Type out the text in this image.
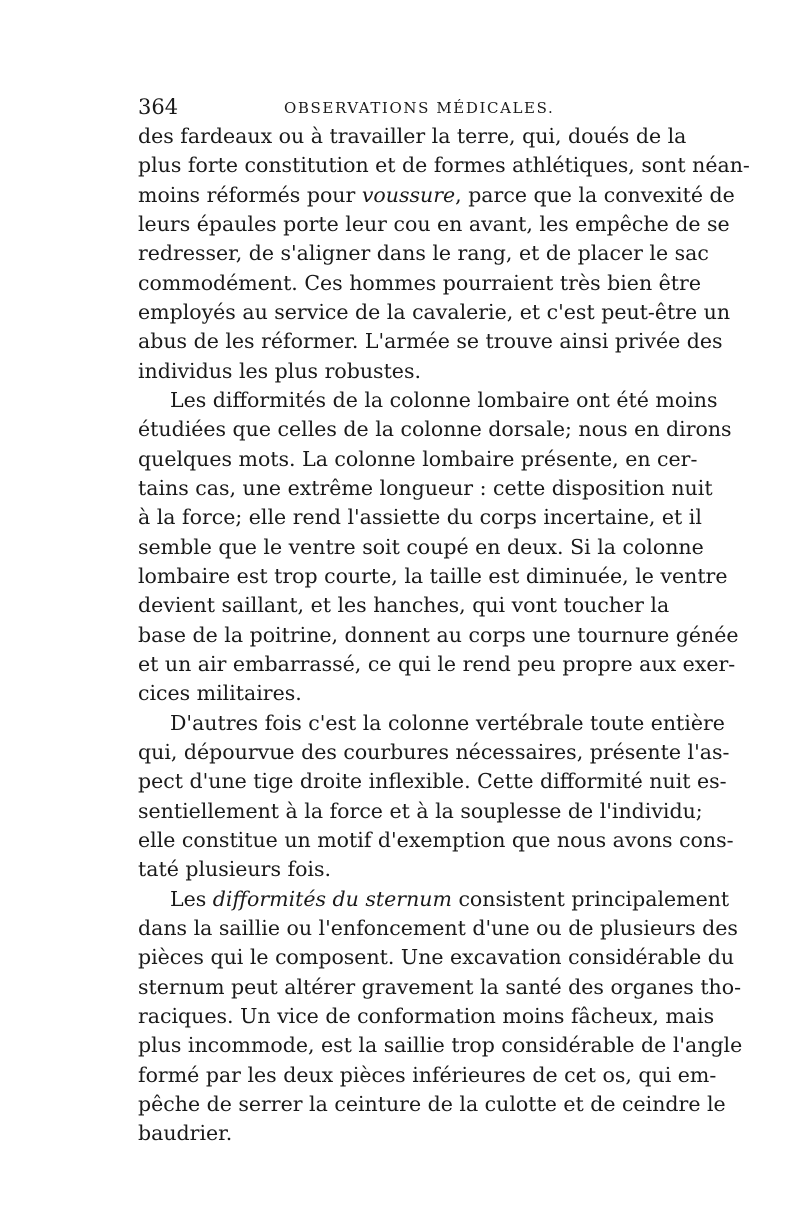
364	OBSERVATIONS MÉDICALES.
des fardeaux ou à travailler la terre, qui, doués de la
plus forte constitution et de formes athlétiques, sont néan-
moins réformés pour voussure, parce que la convexité de
leurs épaules porte leur cou en avant, les empêche de se
redresser, de s'aligner dans le rang, et de placer le sac
commodément. Ces hommes pourraient très bien être
employés au service de la cavalerie, et c'est peut-être un
abus de les réformer. L'armée se trouve ainsi privée des
individus les plus robustes.
Les difformités de la colonne lombaire ont été moins
étudiées que celles de la colonne dorsale; nous en dirons
quelques mots. La colonne lombaire présente, en cer-
tains cas, une extrême longueur : cette disposition nuit
à la force; elle rend l'assiette du corps incertaine, et il
semble que le ventre soit coupé en deux. Si la colonne
lombaire est trop courte, la taille est diminuée, le ventre
devient saillant, et les hanches, qui vont toucher la
base de la poitrine, donnent au corps une tournure génée
et un air embarrassé, ce qui le rend peu propre aux exer-
cices militaires.
D'autres fois c'est la colonne vertébrale toute entière
qui, dépourvue des courbures nécessaires, présente l'as-
pect d'une tige droite inflexible. Cette difformité nuit es-
sentiellement à la force et à la souplesse de l'individu;
elle constitue un motif d'exemption que nous avons cons-
taté plusieurs fois.
Les difformités du sternum consistent principalement
dans la saillie ou l'enfoncement d'une ou de plusieurs des
pièces qui le composent. Une excavation considérable du
sternum peut altérer gravement la santé des organes tho-
raciques. Un vice de conformation moins fâcheux, mais
plus incommode, est la saillie trop considérable de l'angle
formé par les deux pièces inférieures de cet os, qui em-
pêche de serrer la ceinture de la culotte et de ceindre le
baudrier.
